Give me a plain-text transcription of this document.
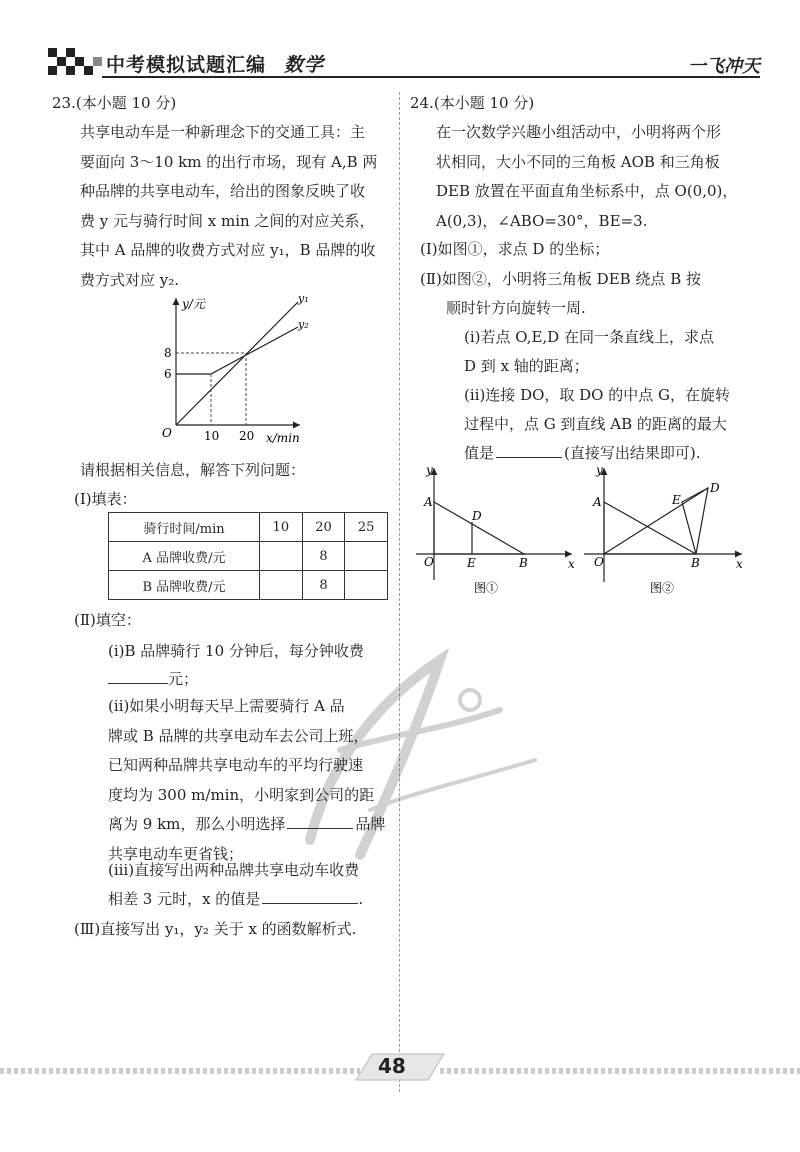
中考模拟试题汇编 数学	一飞冲天
23.(本小题 10 分)
共享电动车是一种新理念下的交通工具：主
要面向 3～10 km 的出行市场，现有 A,B 两
种品牌的共享电动车，给出的图象反映了收
费 y 元与骑行时间 x min 之间的对应关系，
其中 A 品牌的收费方式对应 y₁，B 品牌的收
费方式对应 y₂.
y/元
x/min
O
6
8
10 20
y₁
y₂
请根据相关信息，解答下列问题：
(Ⅰ)填表：
骑行时间/min	10	20	25
A 品牌收费/元		8	
B 品牌收费/元		8	
(Ⅱ)填空：
(ⅰ)B 品牌骑行 10 分钟后，每分钟收费
元；
(ⅱ)如果小明每天早上需要骑行 A 品
牌或 B 品牌的共享电动车去公司上班，
已知两种品牌共享电动车的平均行驶速
度均为 300 m/min，小明家到公司的距
离为 9 km，那么小明选择	品牌
共享电动车更省钱；
(ⅲ)直接写出两种品牌共享电动车收费
相差 3 元时，x 的值是	.
(Ⅲ)直接写出 y₁，y₂ 关于 x 的函数解析式.
24.(本小题 10 分)
在一次数学兴趣小组活动中，小明将两个形
状相同，大小不同的三角板 AOB 和三角板
DEB 放置在平面直角坐标系中，点 O(0,0)，
A(0,3)，∠ABO=30°，BE=3.
(Ⅰ)如图①，求点 D 的坐标；
(Ⅱ)如图②，小明将三角板 DEB 绕点 B 按
顺时针方向旋转一周.
(ⅰ)若点 O,E,D 在同一条直线上，求点
D 到 x 轴的距离；
(ⅱ)连接 DO，取 DO 的中点 G，在旋转
过程中，点 G 到直线 AB 的距离的最大
值是	(直接写出结果即可).
y
x
O
A
D
E	B
图①
y
x
O
A
D
E
B
图②
48
